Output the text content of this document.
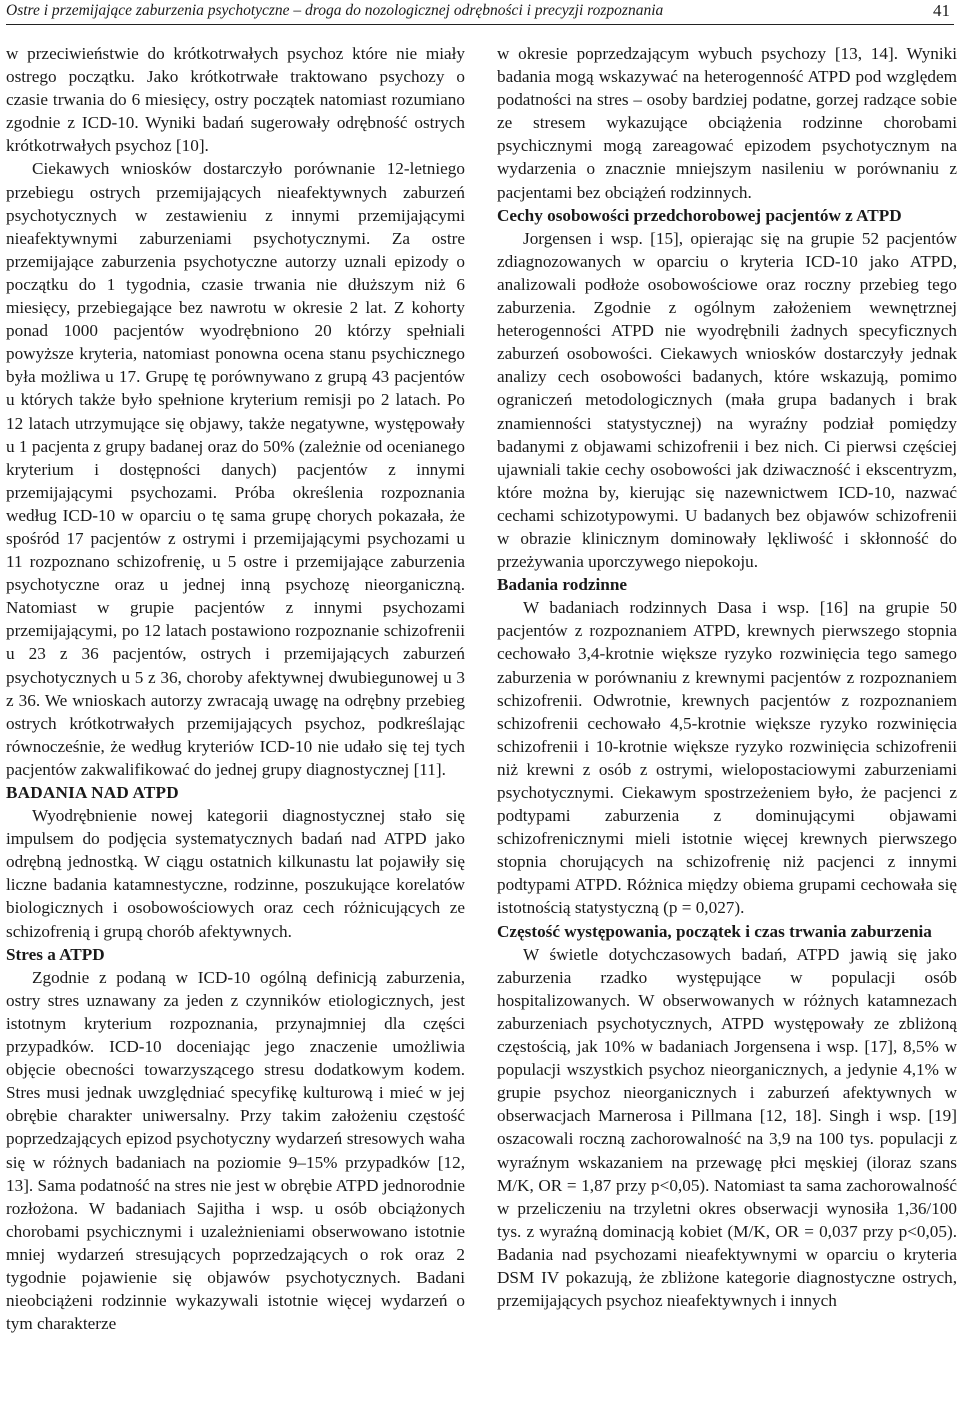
Ostre i przemijające zaburzenia psychotyczne – droga do nozologicznej odrębności i precyzji rozpoznania	41

w przeciwieństwie do krótkotrwałych psychoz które nie miały ostrego początku. Jako krótkotrwałe traktowano psychozy o czasie trwania do 6 miesięcy, ostry początek natomiast rozumiano zgodnie z ICD-10. Wyniki badań sugerowały odrębność ostrych krótkotrwałych psychoz [10].

Ciekawych wniosków dostarczyło porównanie 12-letniego przebiegu ostrych przemijających nieafektywnych zaburzeń psychotycznych w zestawieniu z innymi przemijającymi nieafektywnymi zaburzeniami psychotycznymi. Za ostre przemijające zaburzenia psychotyczne autorzy uznali epizody o początku do 1 tygodnia, czasie trwania nie dłuższym niż 6 miesięcy, przebiegające bez nawrotu w okresie 2 lat. Z kohorty ponad 1000 pacjentów wyodrębniono 20 którzy spełniali powyższe kryteria, natomiast ponowna ocena stanu psychicznego była możliwa u 17. Grupę tę porównywano z grupą 43 pacjentów u których także było spełnione kryterium remisji po 2 latach. Po 12 latach utrzymujące się objawy, także negatywne, występowały u 1 pacjenta z grupy badanej oraz do 50% (zależnie od ocenianego kryterium i dostępności danych) pacjentów z innymi przemijającymi psychozami. Próba określenia rozpoznania według ICD-10 w oparciu o tę sama grupę chorych pokazała, że spośród 17 pacjentów z ostrymi i przemijającymi psychozami u 11 rozpoznano schizofrenię, u 5 ostre i przemijające zaburzenia psychotyczne oraz u jednej inną psychozę nieorganiczną. Natomiast w grupie pacjentów z innymi psychozami przemijającymi, po 12 latach postawiono rozpoznanie schizofrenii u 23 z 36 pacjentów, ostrych i przemijających zaburzeń psychotycznych u 5 z 36, choroby afektywnej dwubiegunowej u 3 z 36. We wnioskach autorzy zwracają uwagę na odrębny przebieg ostrych krótkotrwałych przemijających psychoz, podkreślając równocześnie, że według kryteriów ICD-10 nie udało się tej tych pacjentów zakwalifikować do jednej grupy diagnostycznej [11].

BADANIA NAD ATPD

Wyodrębnienie nowej kategorii diagnostycznej stało się impulsem do podjęcia systematycznych badań nad ATPD jako odrębną jednostką. W ciągu ostatnich kilkunastu lat pojawiły się liczne badania katamnestyczne, rodzinne, poszukujące korelatów biologicznych i osobowościowych oraz cech różnicujących ze schizofrenią i grupą chorób afektywnych.

Stres a ATPD

Zgodnie z podaną w ICD-10 ogólną definicją zaburzenia, ostry stres uznawany za jeden z czynników etiologicznych, jest istotnym kryterium rozpoznania, przynajmniej dla części przypadków. ICD-10 doceniając jego znaczenie umożliwia objęcie obecności towarzyszącego stresu dodatkowym kodem. Stres musi jednak uwzględniać specyfikę kulturową i mieć w jej obrębie charakter uniwersalny. Przy takim założeniu częstość poprzedzających epizod psychotyczny wydarzeń stresowych waha się w różnych badaniach na poziomie 9–15% przypadków [12, 13]. Sama podatność na stres nie jest w obrębie ATPD jednorodnie rozłożona. W badaniach Sajitha i wsp. u osób obciążonych chorobami psychicznymi i uzależnieniami obserwowano istotnie mniej wydarzeń stresujących poprzedzających o rok oraz 2 tygodnie pojawienie się objawów psychotycznych. Badani nieobciążeni rodzinnie wykazywali istotnie więcej wydarzeń o tym charakterze

w okresie poprzedzającym wybuch psychozy [13, 14]. Wyniki badania mogą wskazywać na heterogenność ATPD pod względem podatności na stres – osoby bardziej podatne, gorzej radzące sobie ze stresem wykazujące obciążenia rodzinne chorobami psychicznymi mogą zareagować epizodem psychotycznym na wydarzenia o znacznie mniejszym nasileniu w porównaniu z pacjentami bez obciążeń rodzinnych.

Cechy osobowości przedchorobowej pacjentów z ATPD

Jorgensen i wsp. [15], opierając się na grupie 52 pacjentów zdiagnozowanych w oparciu o kryteria ICD-10 jako ATPD, analizowali podłoże osobowościowe oraz roczny przebieg tego zaburzenia. Zgodnie z ogólnym założeniem wewnętrznej heterogenności ATPD nie wyodrębnili żadnych specyficznych zaburzeń osobowości. Ciekawych wniosków dostarczyły jednak analizy cech osobowości badanych, które wskazują, pomimo ograniczeń metodologicznych (mała grupa badanych i brak znamienności statystycznej) na wyraźny podział pomiędzy badanymi z objawami schizofrenii i bez nich. Ci pierwsi częściej ujawniali takie cechy osobowości jak dziwaczność i ekscentryzm, które można by, kierując się nazewnictwem ICD-10, nazwać cechami schizotypowymi. U badanych bez objawów schizofrenii w obrazie klinicznym dominowały lękliwość i skłonność do przeżywania uporczywego niepokoju.

Badania rodzinne

W badaniach rodzinnych Dasa i wsp. [16] na grupie 50 pacjentów z rozpoznaniem ATPD, krewnych pierwszego stopnia cechowało 3,4-krotnie większe ryzyko rozwinięcia tego samego zaburzenia w porównaniu z krewnymi pacjentów z rozpoznaniem schizofrenii. Odwrotnie, krewnych pacjentów z rozpoznaniem schizofrenii cechowało 4,5-krotnie większe ryzyko rozwinięcia schizofrenii i 10-krotnie większe ryzyko rozwinięcia schizofrenii niż krewni z osób z ostrymi, wielopostaciowymi zaburzeniami psychotycznymi. Ciekawym spostrzeżeniem było, że pacjenci z podtypami zaburzenia z dominującymi objawami schizofrenicznymi mieli istotnie więcej krewnych pierwszego stopnia chorujących na schizofrenię niż pacjenci z innymi podtypami ATPD. Różnica między obiema grupami cechowała się istotnością statystyczną (p = 0,027).

Częstość występowania, początek i czas trwania zaburzenia

W świetle dotychczasowych badań, ATPD jawią się jako zaburzenia rzadko występujące w populacji osób hospitalizowanych. W obserwowanych w różnych katamnezach zaburzeniach psychotycznych, ATPD występowały ze zbliżoną częstością, jak 10% w badaniach Jorgensena i wsp. [17], 8,5% w populacji wszystkich psychoz nieorganicznych, a jedynie 4,1% w grupie psychoz nieorganicznych i zaburzeń afektywnych w obserwacjach Marnerosa i Pillmana [12, 18]. Singh i wsp. [19] oszacowali roczną zachorowalność na 3,9 na 100 tys. populacji z wyraźnym wskazaniem na przewagę płci męskiej (iloraz szans M/K, OR = 1,87 przy p<0,05). Natomiast ta sama zachorowalność w przeliczeniu na trzyletni okres obserwacji wynosiła 1,36/100 tys. z wyraźną dominacją kobiet (M/K, OR = 0,037 przy p<0,05). Badania nad psychozami nieafektywnymi w oparciu o kryteria DSM IV pokazują, że zbliżone kategorie diagnostyczne ostrych, przemijających psychoz nieafektywnych i innych
